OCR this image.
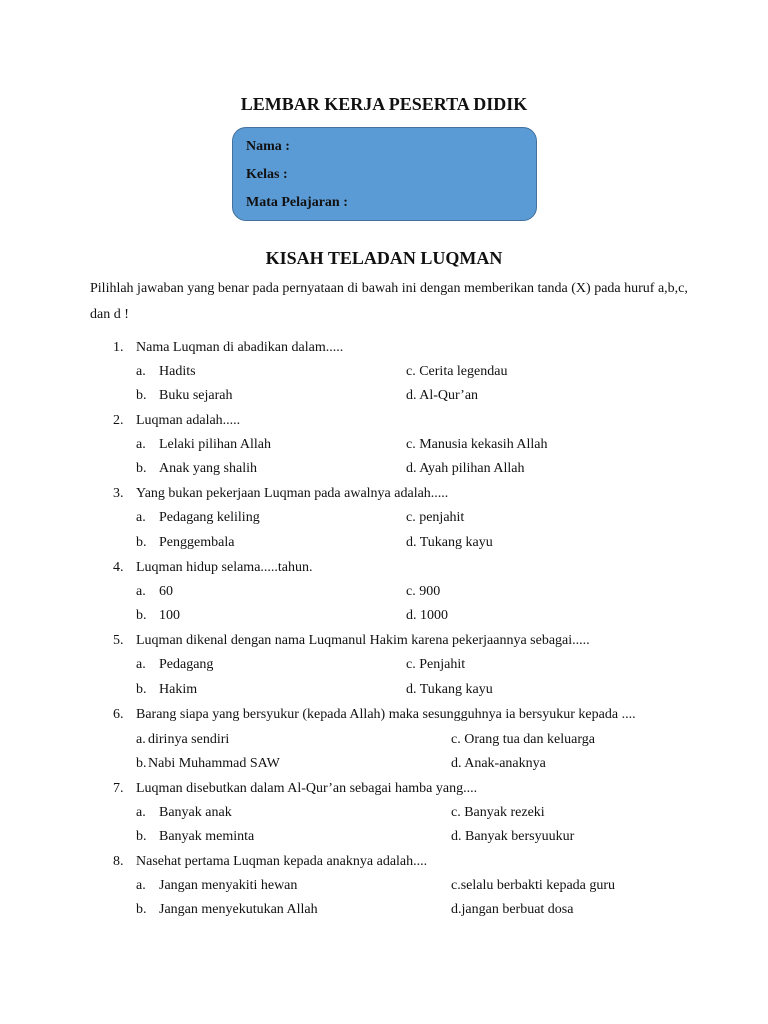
LEMBAR KERJA PESERTA DIDIK
Nama :
Kelas :
Mata Pelajaran :
KISAH TELADAN LUQMAN
Pilihlah jawaban yang benar pada pernyataan di bawah ini dengan memberikan tanda (X) pada huruf a,b,c, dan d !
1. Nama Luqman di abadikan dalam.....
a. Hadits	c. Cerita legendau
b. Buku sejarah	d. Al-Qur’an
2. Luqman adalah.....
a. Lelaki pilihan Allah	c. Manusia kekasih Allah
b. Anak yang shalih	d. Ayah pilihan Allah
3. Yang bukan pekerjaan Luqman pada awalnya adalah.....
a. Pedagang keliling	c. penjahit
b. Penggembala	d. Tukang kayu
4. Luqman hidup selama.....tahun.
a. 60	c. 900
b. 100	d. 1000
5. Luqman dikenal dengan nama Luqmanul Hakim karena pekerjaannya sebagai.....
a. Pedagang	c. Penjahit
b. Hakim	d. Tukang kayu
6. Barang siapa yang bersyukur (kepada Allah) maka sesungguhnya ia bersyukur kepada ....
a. dirinya sendiri	c. Orang tua dan keluarga
b. Nabi Muhammad SAW	d. Anak-anaknya
7. Luqman disebutkan dalam Al-Qur’an sebagai hamba yang....
a. Banyak anak	c. Banyak rezeki
b. Banyak meminta	d. Banyak bersyuukur
8. Nasehat pertama Luqman kepada anaknya adalah....
a. Jangan menyakiti hewan	c.selalu berbakti kepada guru
b. Jangan menyekutukan Allah	d.jangan berbuat dosa
